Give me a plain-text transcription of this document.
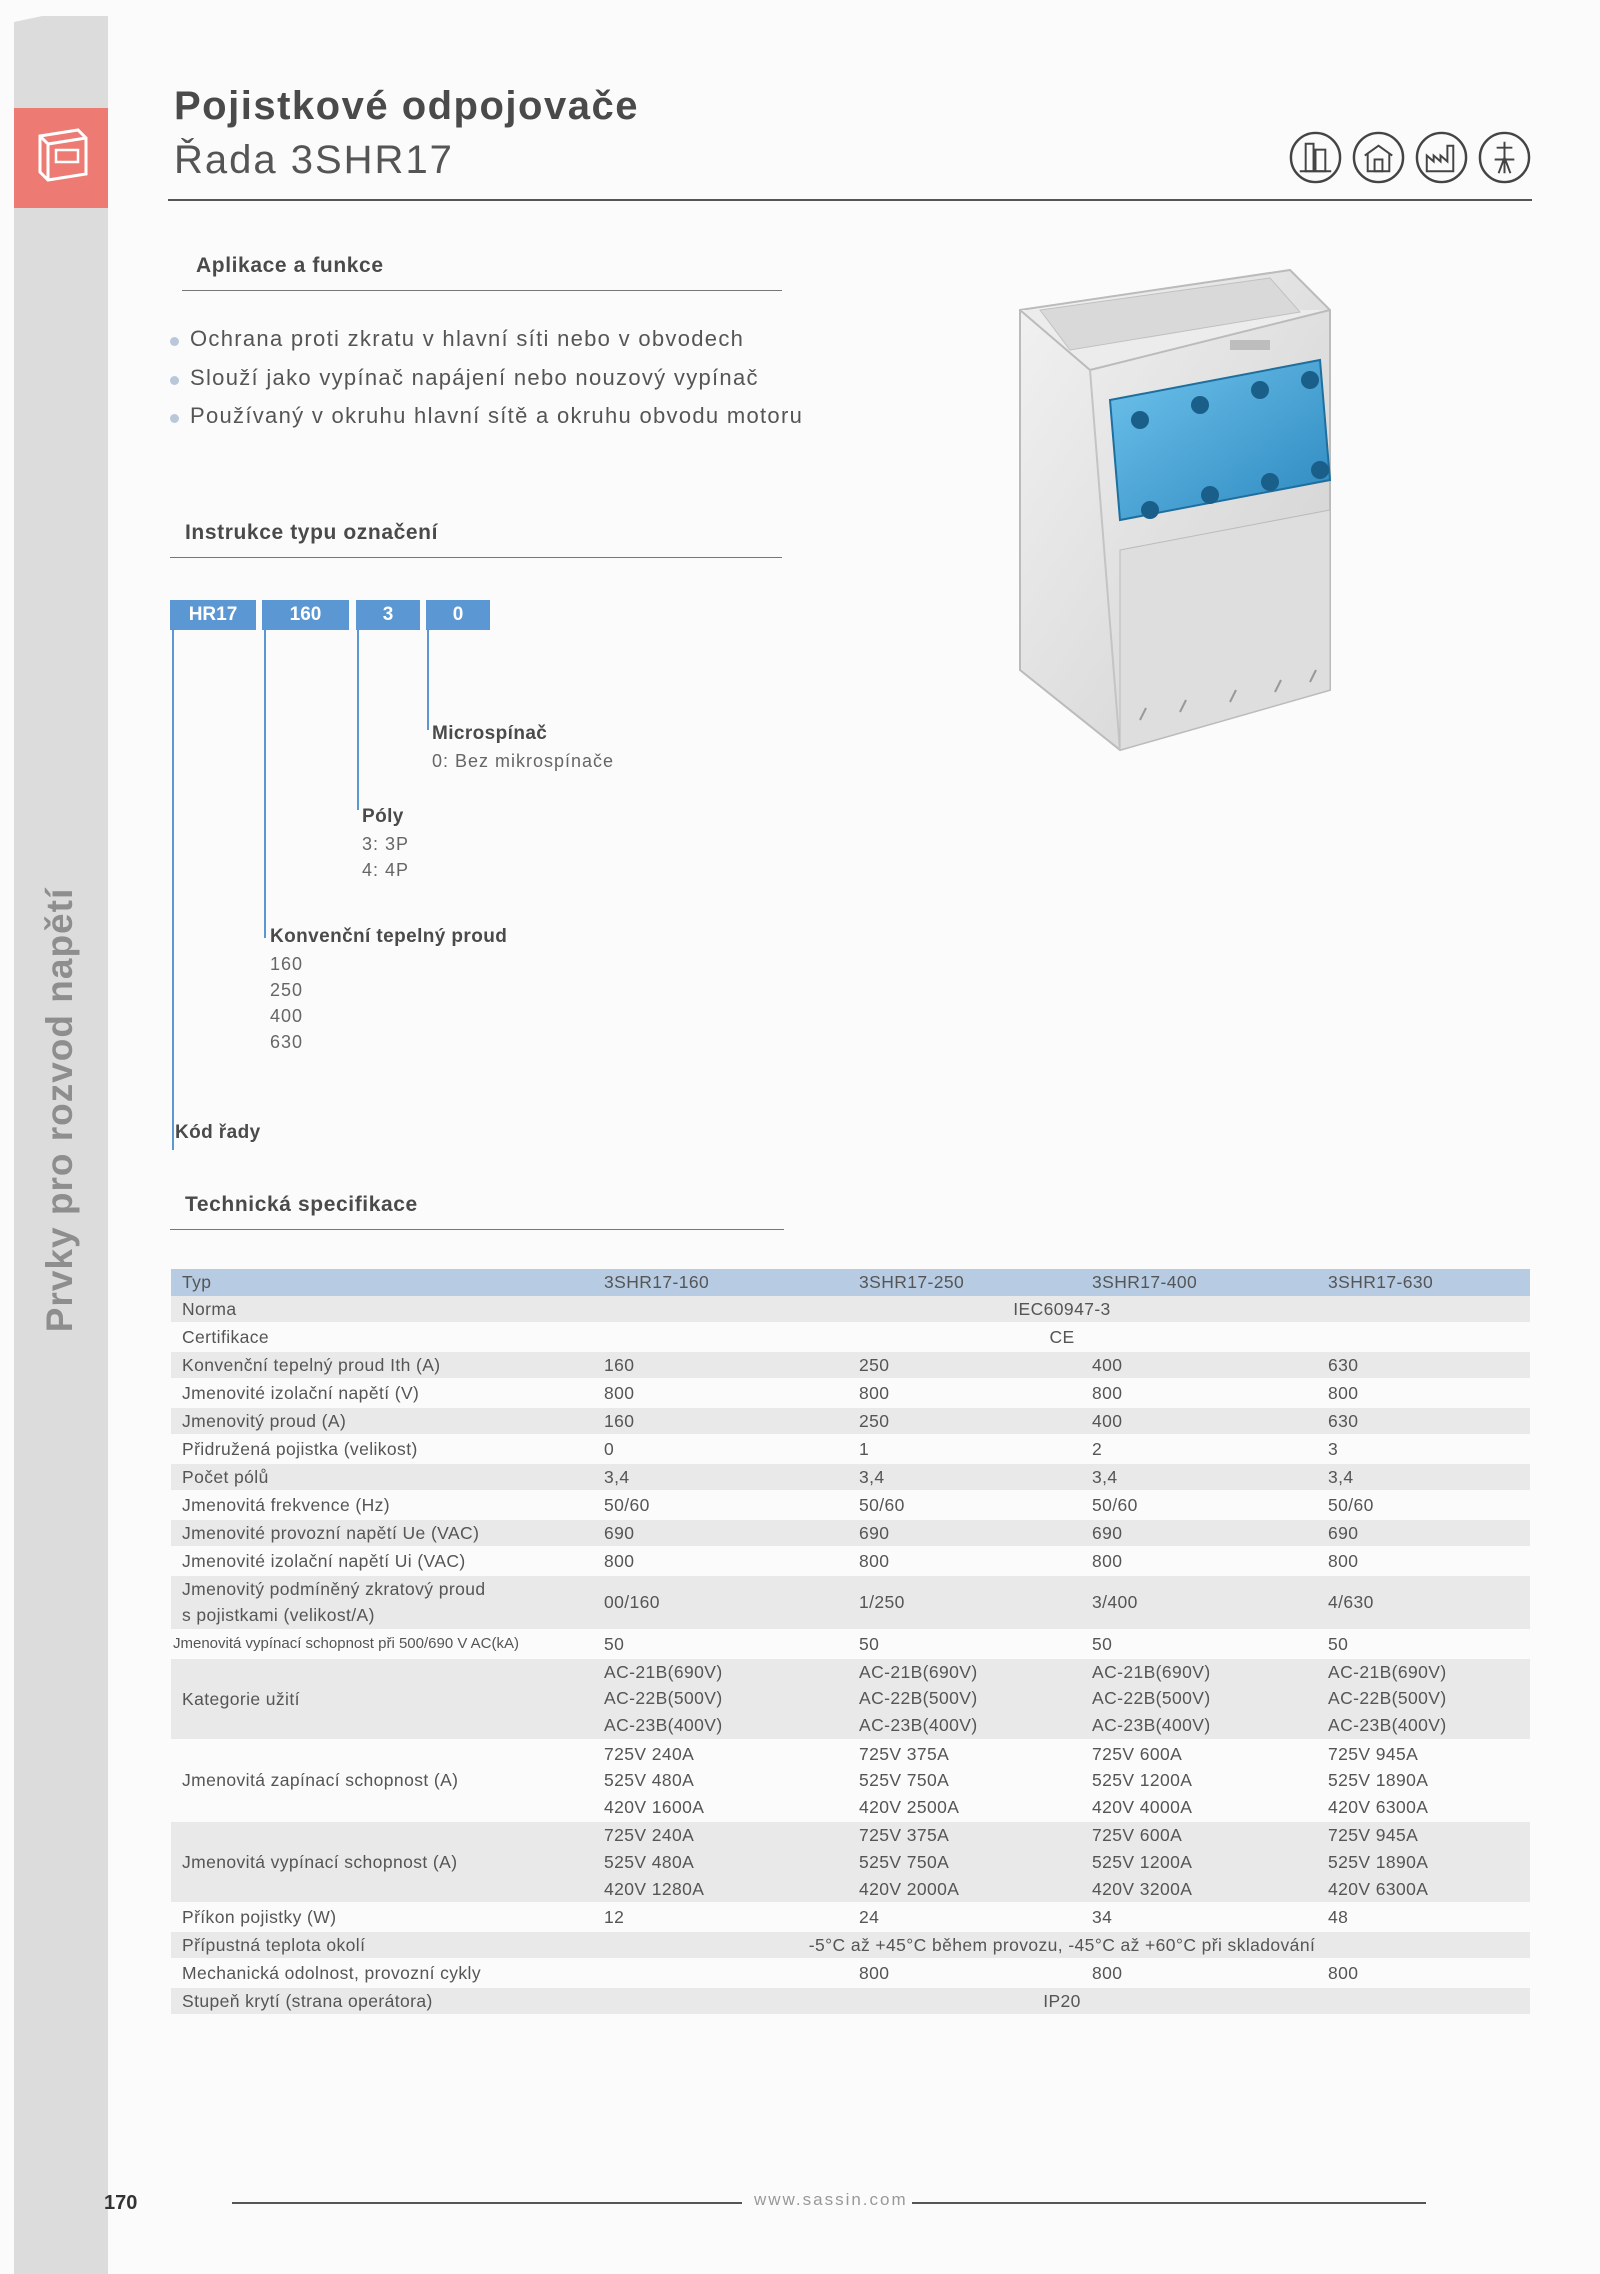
Prvky pro rozvod napětí
Pojistkové odpojovače
Řada 3SHR17
Aplikace a funkce
Ochrana proti zkratu v hlavní síti nebo v obvodech
Slouží jako vypínač napájení nebo nouzový vypínač
Používaný v okruhu hlavní sítě a okruhu obvodu motoru
Instrukce typu označení
HR17	160	3	0
Microspínač
0: Bez mikrospínače
Póly
3: 3P
4: 4P
Konvenční tepelný proud
160
250
400
630
Kód řady
Technická specifikace
Typ	3SHR17-160	3SHR17-250	3SHR17-400	3SHR17-630
Norma	IEC60947-3			
Certifikace	CE			
Konvenční tepelný proud Ith (A)	160	250	400	630
Jmenovité izolační napětí (V)	800	800	800	800
Jmenovitý proud (A)	160	250	400	630
Přidružená pojistka (velikost)	0	1	2	3
Počet pólů	3,4	3,4	3,4	3,4
Jmenovitá frekvence (Hz)	50/60	50/60	50/60	50/60
Jmenovité provozní napětí Ue (VAC)	690	690	690	690
Jmenovité izolační napětí Ui (VAC)	800	800	800	800

Jmenovitý podmíněný zkratový proud
s pojistkami (velikost/A)	00/160	1/250	3/400	4/630
Jmenovitá vypínací schopnost při 500/690 V AC(kA)	50	50	50	50
Kategorie užití	AC-21B(690V)
AC-22B(500V)
AC-23B(400V)	AC-21B(690V)
AC-22B(500V)
AC-23B(400V)	AC-21B(690V)
AC-22B(500V)
AC-23B(400V)	AC-21B(690V)
AC-22B(500V)
AC-23B(400V)

Jmenovitá zapínací schopnost (A)	725V 240A
525V 480A
420V 1600A	725V 375A
525V 750A
420V 2500A	725V 600A
525V 1200A
420V 4000A	725V 945A
525V 1890A
420V 6300A

Jmenovitá vypínací schopnost (A)	725V 240A
525V 480A
420V 1280A	725V 375A
525V 750A
420V 2000A	725V 600A
525V 1200A
420V 3200A	725V 945A
525V 1890A
420V 6300A

Příkon pojistky (W)	12	24	34	48
Přípustná teplota okolí	-5°C až +45°C během provozu, -45°C až +60°C při skladování			
Mechanická odolnost, provozní cykly		800	800	800
Stupeň krytí (strana operátora)	IP20			
170	www.sassin.com
